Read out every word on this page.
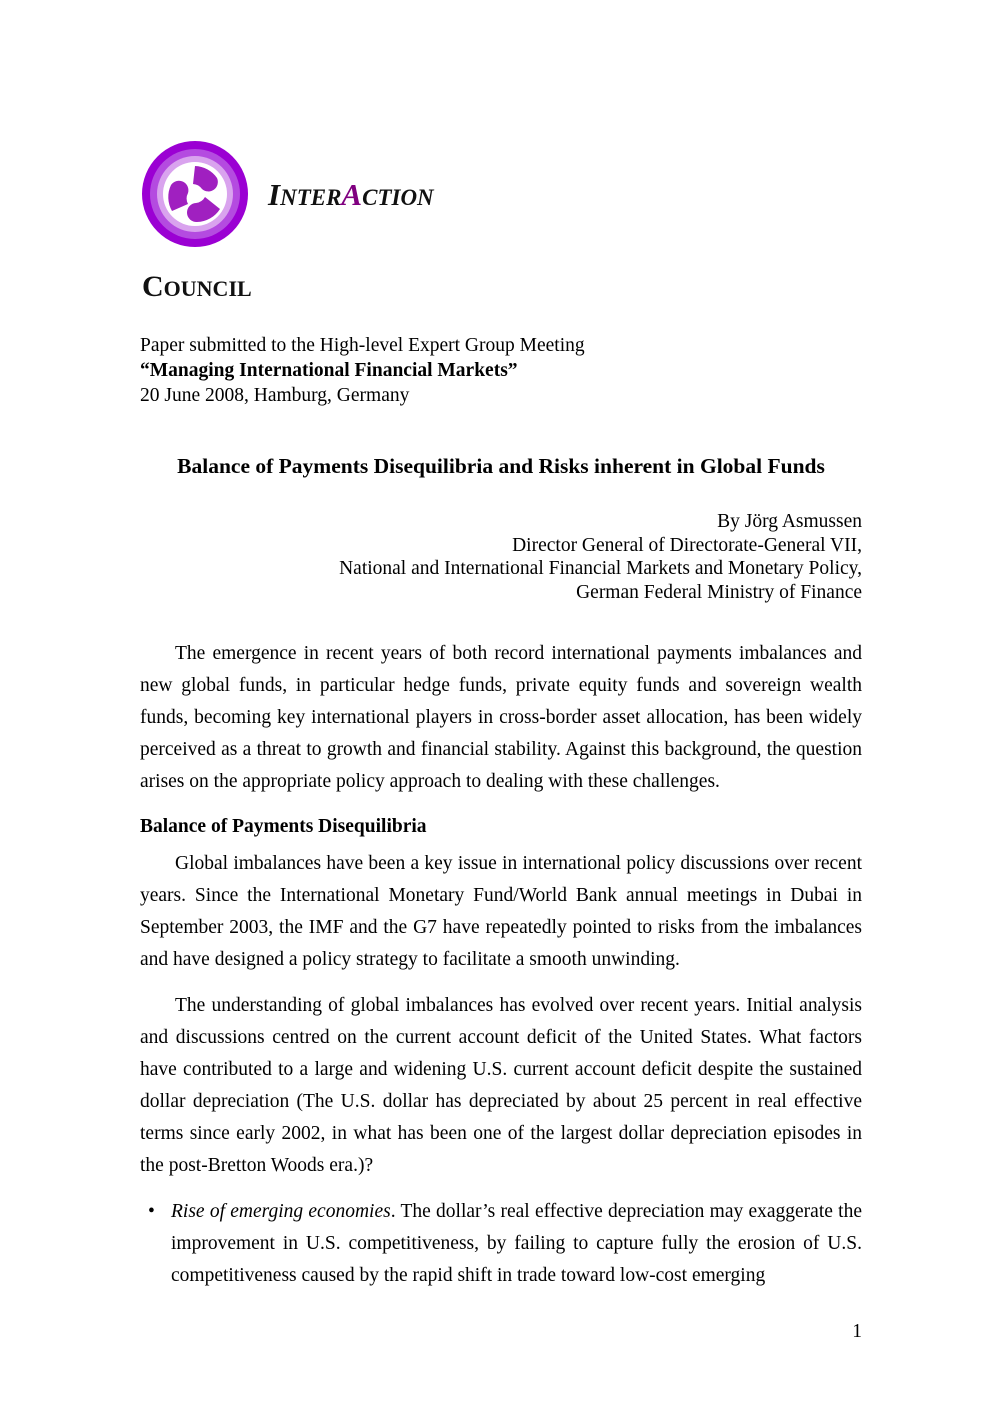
INTERACTION
COUNCIL
Paper submitted to the High-level Expert Group Meeting
“Managing International Financial Markets”
20 June 2008, Hamburg, Germany
Balance of Payments Disequilibria and Risks inherent in Global Funds
By Jörg Asmussen
Director General of Directorate-General VII,
National and International Financial Markets and Monetary Policy,
German Federal Ministry of Finance

The emergence in recent years of both record international payments imbalances and new global funds, in particular hedge funds, private equity funds and sovereign wealth funds, becoming key international players in cross-border asset allocation, has been widely perceived as a threat to growth and financial stability. Against this background, the question arises on the appropriate policy approach to dealing with these challenges.

Balance of Payments Disequilibria

Global imbalances have been a key issue in international policy discussions over recent years. Since the International Monetary Fund/World Bank annual meetings in Dubai in September 2003, the IMF and the G7 have repeatedly pointed to risks from the imbalances and have designed a policy strategy to facilitate a smooth unwinding.

The understanding of global imbalances has evolved over recent years. Initial analysis and discussions centred on the current account deficit of the United States. What factors have contributed to a large and widening U.S. current account deficit despite the sustained dollar depreciation (The U.S. dollar has depreciated by about 25 percent in real effective terms since early 2002, in what has been one of the largest dollar depreciation episodes in the post-Bretton Woods era.)?

• Rise of emerging economies. The dollar’s real effective depreciation may exaggerate the improvement in U.S. competitiveness, by failing to capture fully the erosion of U.S. competitiveness caused by the rapid shift in trade toward low-cost emerging
1
